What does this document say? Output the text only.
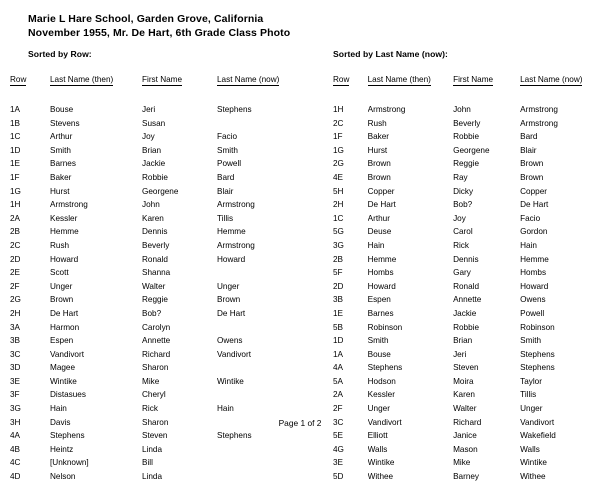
Marie L Hare School, Garden Grove, California
November 1955, Mr. De Hart, 6th Grade Class Photo
Sorted by Row:	Sorted by Last Name (now):
Row	Last Name (then)	First Name	Last Name (now)
1A	Bouse	Jeri	Stephens
1B	Stevens	Susan	
1C	Arthur	Joy	Facio
1D	Smith	Brian	Smith
1E	Barnes	Jackie	Powell
1F	Baker	Robbie	Bard
1G	Hurst	Georgene	Blair
1H	Armstrong	John	Armstrong
2A	Kessler	Karen	Tillis
2B	Hemme	Dennis	Hemme
2C	Rush	Beverly	Armstrong
2D	Howard	Ronald	Howard
2E	Scott	Shanna	
2F	Unger	Walter	Unger
2G	Brown	Reggie	Brown
2H	De Hart	Bob?	De Hart
3A	Harmon	Carolyn	
3B	Espen	Annette	Owens
3C	Vandivort	Richard	Vandivort
3D	Magee	Sharon	
3E	Wintike	Mike	Wintike
3F	Distasues	Cheryl	
3G	Hain	Rick	Hain
3H	Davis	Sharon	
4A	Stephens	Steven	Stephens
4B	Heintz	Linda	
4C	[Unknown]	Bill	
4D	Nelson	Linda	
Row	Last Name (then)	First Name	Last Name (now)
1H	Armstrong	John	Armstrong
2C	Rush	Beverly	Armstrong
1F	Baker	Robbie	Bard
1G	Hurst	Georgene	Blair
2G	Brown	Reggie	Brown
4E	Brown	Ray	Brown
5H	Copper	Dicky	Copper
2H	De Hart	Bob?	De Hart
1C	Arthur	Joy	Facio
5G	Deuse	Carol	Gordon
3G	Hain	Rick	Hain
2B	Hemme	Dennis	Hemme
5F	Hombs	Gary	Hombs
2D	Howard	Ronald	Howard
3B	Espen	Annette	Owens
1E	Barnes	Jackie	Powell
5B	Robinson	Robbie	Robinson
1D	Smith	Brian	Smith
1A	Bouse	Jeri	Stephens
4A	Stephens	Steven	Stephens
5A	Hodson	Moira	Taylor
2A	Kessler	Karen	Tillis
2F	Unger	Walter	Unger
3C	Vandivort	Richard	Vandivort
5E	Elliott	Janice	Wakefield
4G	Walls	Mason	Walls
3E	Wintike	Mike	Wintike
5D	Withee	Barney	Withee
Page 1 of 2
